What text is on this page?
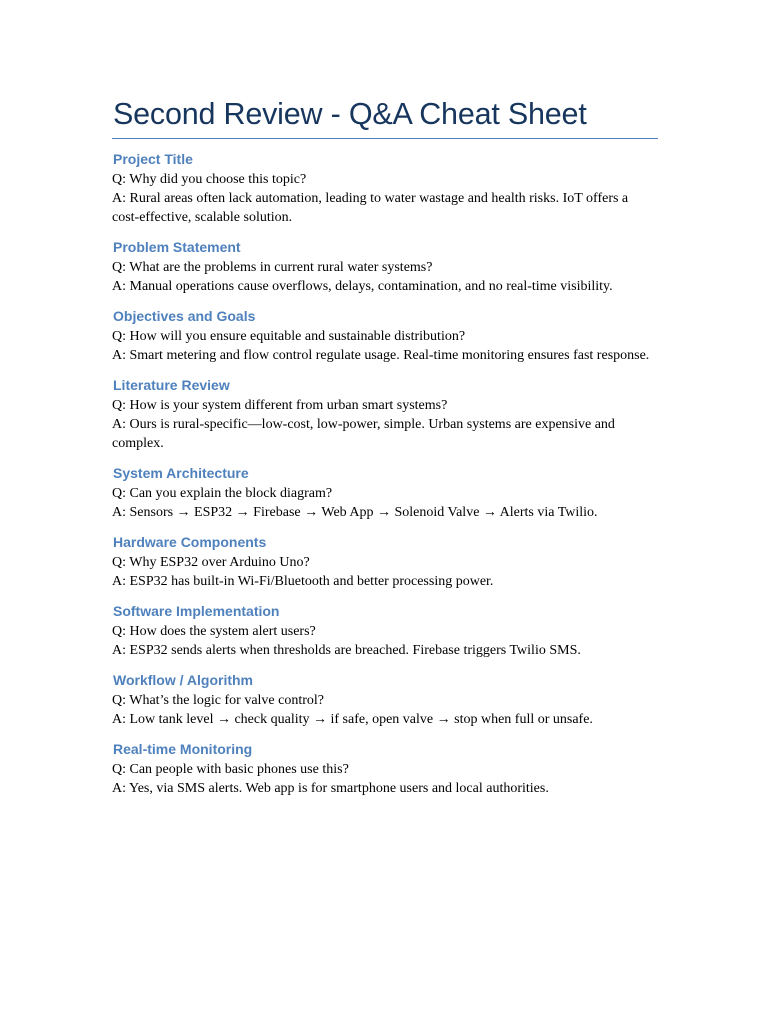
Second Review - Q&A Cheat Sheet
Project Title
Q: Why did you choose this topic?
A: Rural areas often lack automation, leading to water wastage and health risks. IoT offers a cost-effective, scalable solution.
Problem Statement
Q: What are the problems in current rural water systems?
A: Manual operations cause overflows, delays, contamination, and no real-time visibility.
Objectives and Goals
Q: How will you ensure equitable and sustainable distribution?
A: Smart metering and flow control regulate usage. Real-time monitoring ensures fast response.
Literature Review
Q: How is your system different from urban smart systems?
A: Ours is rural-specific—low-cost, low-power, simple. Urban systems are expensive and complex.
System Architecture
Q: Can you explain the block diagram?
A: Sensors → ESP32 → Firebase → Web App → Solenoid Valve → Alerts via Twilio.
Hardware Components
Q: Why ESP32 over Arduino Uno?
A: ESP32 has built-in Wi-Fi/Bluetooth and better processing power.
Software Implementation
Q: How does the system alert users?
A: ESP32 sends alerts when thresholds are breached. Firebase triggers Twilio SMS.
Workflow / Algorithm
Q: What’s the logic for valve control?
A: Low tank level → check quality → if safe, open valve → stop when full or unsafe.
Real-time Monitoring
Q: Can people with basic phones use this?
A: Yes, via SMS alerts. Web app is for smartphone users and local authorities.
